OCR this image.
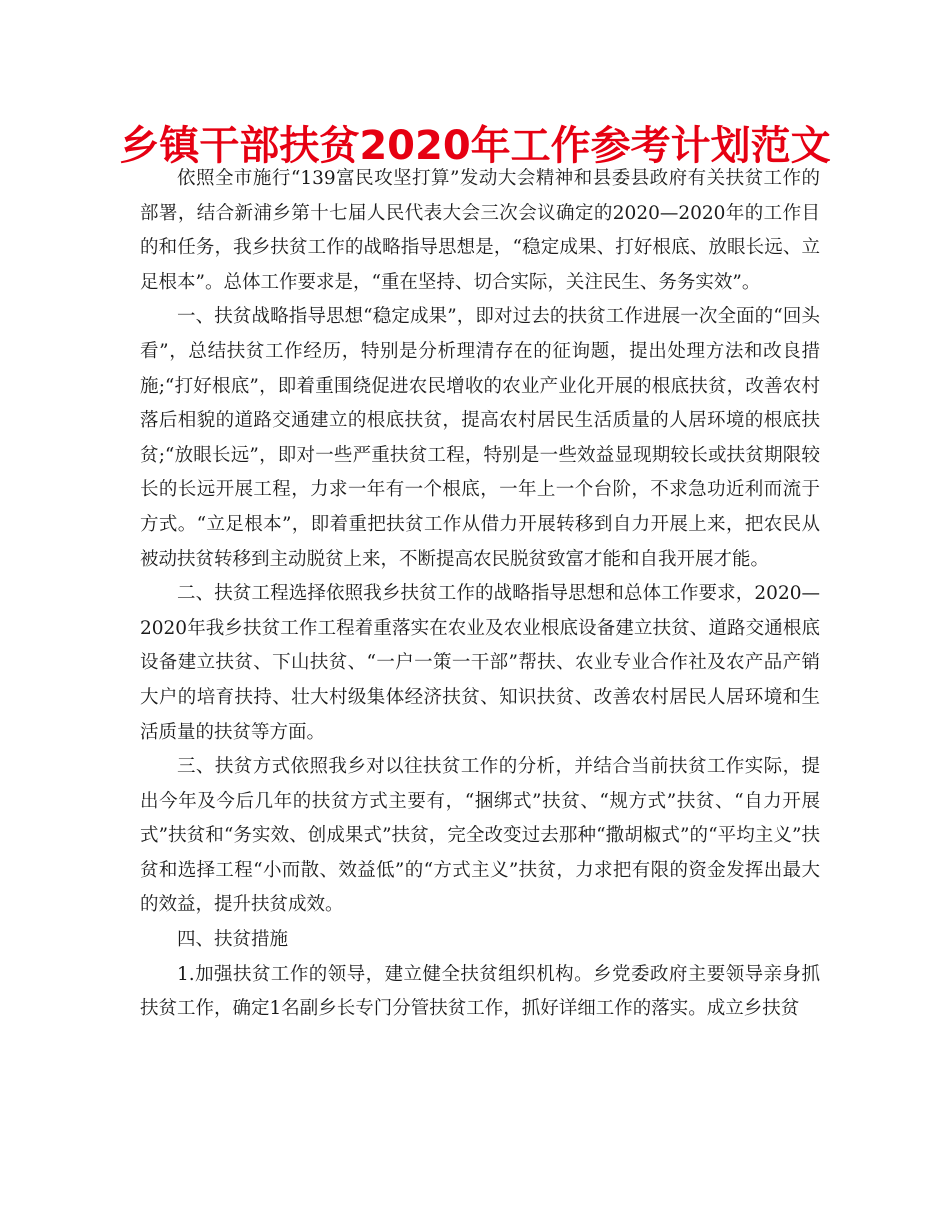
乡镇干部扶贫2020年工作参考计划范文

依照全市施行“139富民攻坚打算”发动大会精神和县委县政府有关扶贫工作的部署，结合新浦乡第十七届人民代表大会三次会议确定的2020—2020年的工作目的和任务，我乡扶贫工作的战略指导思想是，“稳定成果、打好根底、放眼长远、立足根本”。总体工作要求是，“重在坚持、切合实际，关注民生、务务实效”。

一、扶贫战略指导思想“稳定成果”，即对过去的扶贫工作进展一次全面的“回头看”，总结扶贫工作经历，特别是分析理清存在的征询题，提出处理方法和改良措施;“打好根底”，即着重围绕促进农民增收的农业产业化开展的根底扶贫，改善农村落后相貌的道路交通建立的根底扶贫，提高农村居民生活质量的人居环境的根底扶贫;“放眼长远”，即对一些严重扶贫工程，特别是一些效益显现期较长或扶贫期限较长的长远开展工程，力求一年有一个根底，一年上一个台阶，不求急功近利而流于方式。“立足根本”，即着重把扶贫工作从借力开展转移到自力开展上来，把农民从被动扶贫转移到主动脱贫上来，不断提高农民脱贫致富才能和自我开展才能。

二、扶贫工程选择依照我乡扶贫工作的战略指导思想和总体工作要求，2020—2020年我乡扶贫工作工程着重落实在农业及农业根底设备建立扶贫、道路交通根底设备建立扶贫、下山扶贫、“一户一策一干部”帮扶、农业专业合作社及农产品产销大户的培育扶持、壮大村级集体经济扶贫、知识扶贫、改善农村居民人居环境和生活质量的扶贫等方面。

三、扶贫方式依照我乡对以往扶贫工作的分析，并结合当前扶贫工作实际，提出今年及今后几年的扶贫方式主要有，“捆绑式”扶贫、“规方式”扶贫、“自力开展式”扶贫和“务实效、创成果式”扶贫，完全改变过去那种“撒胡椒式”的“平均主义”扶贫和选择工程“小而散、效益低”的“方式主义”扶贫，力求把有限的资金发挥出最大的效益，提升扶贫成效。

四、扶贫措施

1.加强扶贫工作的领导，建立健全扶贫组织机构。乡党委政府主要领导亲身抓扶贫工作，确定1名副乡长专门分管扶贫工作，抓好详细工作的落实。成立乡扶贫
